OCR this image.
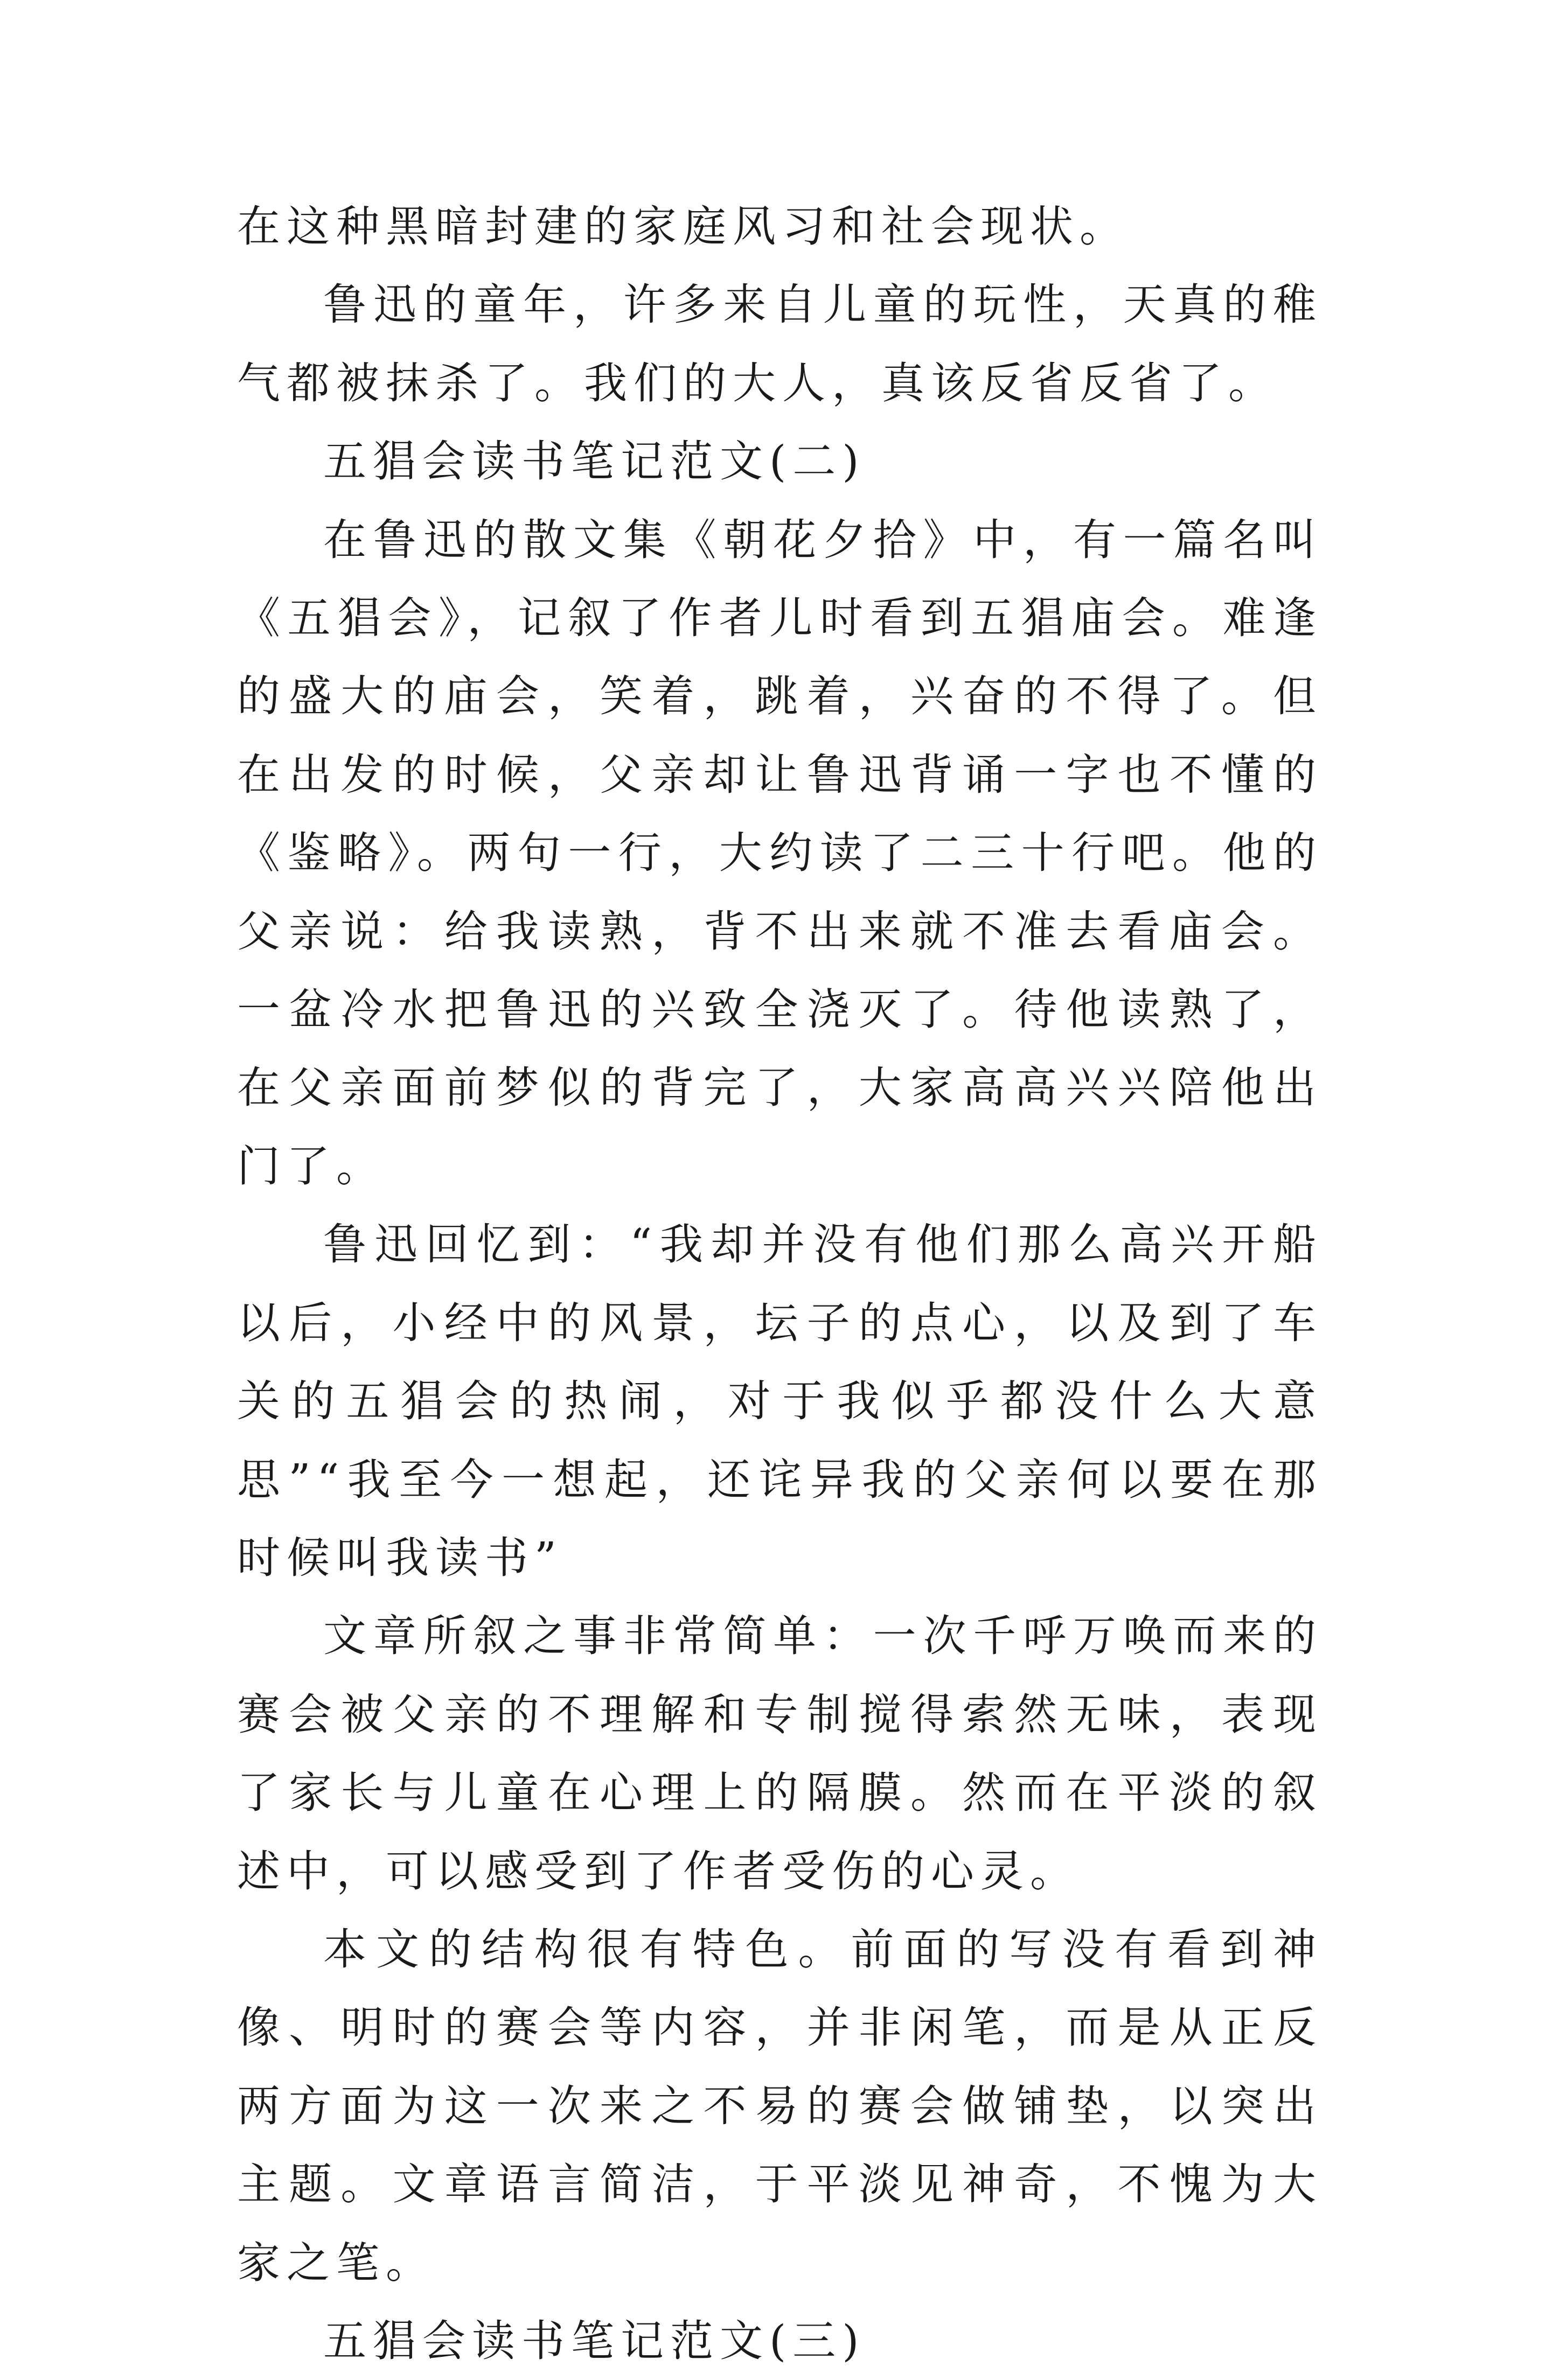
在这种黑暗封建的家庭风习和社会现状。

鲁迅的童年，许多来自儿童的玩性，天真的稚气都被抹杀了。我们的大人，真该反省反省了。

五猖会读书笔记范文(二)

在鲁迅的散文集《朝花夕拾》中，有一篇名叫《五猖会》，记叙了作者儿时看到五猖庙会。难逢的盛大的庙会，笑着，跳着，兴奋的不得了。但在出发的时候，父亲却让鲁迅背诵一字也不懂的《鉴略》。两句一行，大约读了二三十行吧。他的父亲说：给我读熟，背不出来就不准去看庙会。一盆冷水把鲁迅的兴致全浇灭了。待他读熟了，在父亲面前梦似的背完了，大家高高兴兴陪他出门了。

鲁迅回忆到：“我却并没有他们那么高兴开船以后，小经中的风景，坛子的点心，以及到了车关的五猖会的热闹，对于我似乎都没什么大意思”“我至今一想起，还诧异我的父亲何以要在那时候叫我读书”

文章所叙之事非常简单：一次千呼万唤而来的赛会被父亲的不理解和专制搅得索然无味，表现了家长与儿童在心理上的隔膜。然而在平淡的叙述中，可以感受到了作者受伤的心灵。

本文的结构很有特色。前面的写没有看到神像、明时的赛会等内容，并非闲笔，而是从正反两方面为这一次来之不易的赛会做铺垫，以突出主题。文章语言简洁，于平淡见神奇，不愧为大家之笔。

五猖会读书笔记范文(三)
